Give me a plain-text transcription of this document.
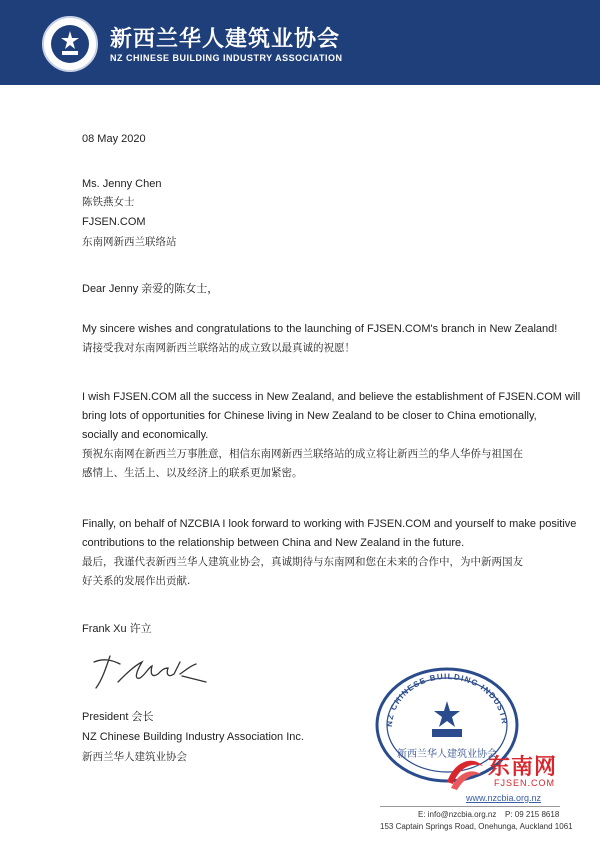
新西兰华人建筑业协会
NZ CHINESE BUILDING INDUSTRY ASSOCIATION
08 May 2020
Ms. Jenny Chen
陈铁燕女士
FJSEN.COM
东南网新西兰联络站
Dear Jenny 亲爱的陈女士，
My sincere wishes and congratulations to the launching of FJSEN.COM's branch in New Zealand!
请接受我对东南网新西兰联络站的成立致以最真诚的祝愿！
I wish FJSEN.COM all the success in New Zealand, and believe the establishment of FJSEN.COM will
bring lots of opportunities for Chinese living in New Zealand to be closer to China emotionally,
socially and economically.
预祝东南网在新西兰万事胜意，相信东南网新西兰联络站的成立将让新西兰的华人华侨与祖国在
感情上、生活上、以及经济上的联系更加紧密。
Finally, on behalf of NZCBIA I look forward to working with FJSEN.COM and yourself to make positive
contributions to the relationship between China and New Zealand in the future.
最后，我谨代表新西兰华人建筑业协会，真诚期待与东南网和您在未来的合作中，为中新两国友
好关系的发展作出贡献.
Frank Xu 许立
President 会长
NZ Chinese Building Industry Association Inc.
新西兰华人建筑业协会
NZ CHINESE BUILDING INDUSTR
新西兰华人建筑业协会
东南网
FJSEN.COM
www.nzcbia.org.nz
E: info@nzcbia.org.nz P: 09 215 8618
153 Captain Springs Road, Onehunga, Auckland 1061
